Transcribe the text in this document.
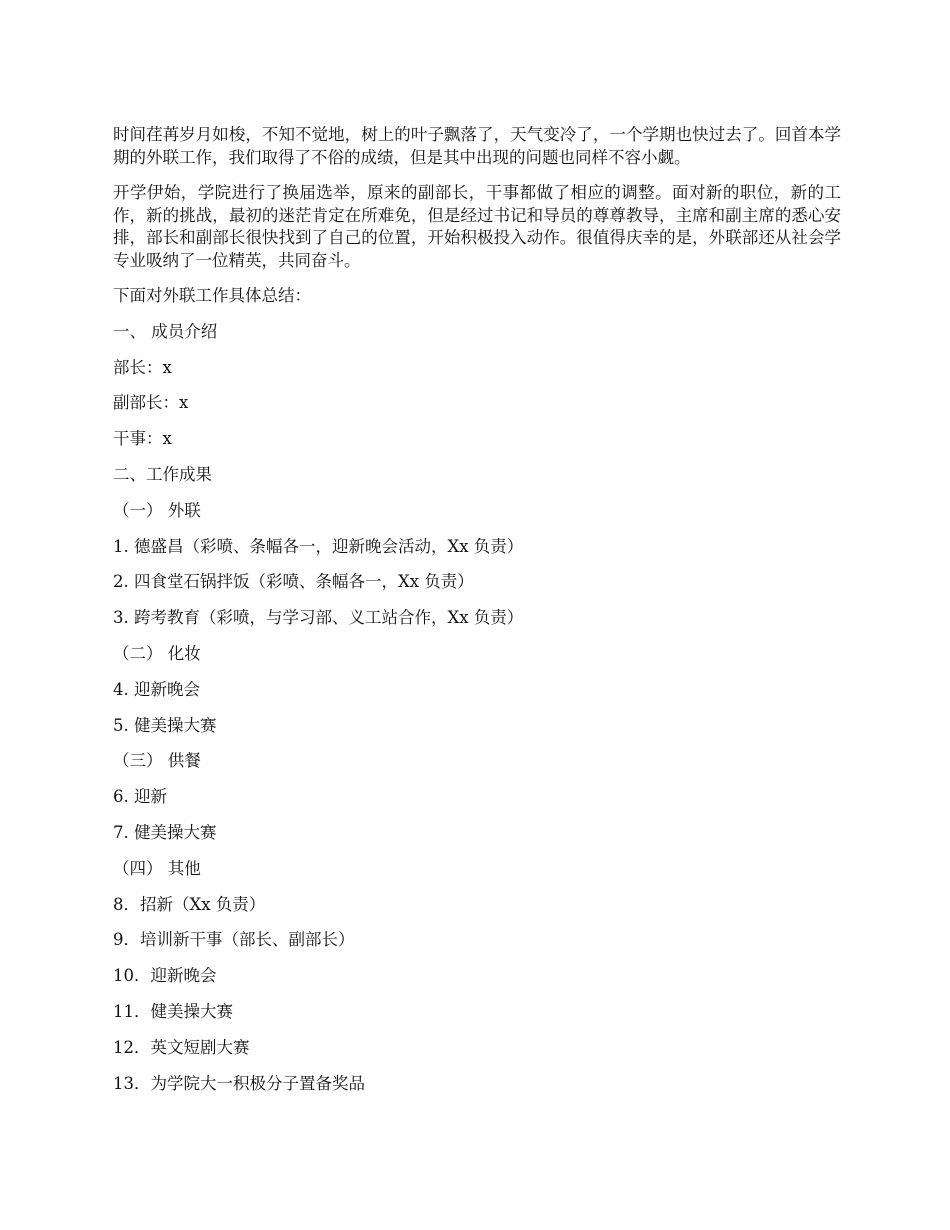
时间荏苒岁月如梭，不知不觉地，树上的叶子飘落了，天气变冷了，一个学期也快过去了。回首本学期的外联工作，我们取得了不俗的成绩，但是其中出现的问题也同样不容小觑。

开学伊始，学院进行了换届选举，原来的副部长，干事都做了相应的调整。面对新的职位，新的工作，新的挑战，最初的迷茫肯定在所难免，但是经过书记和导员的尊尊教导，主席和副主席的悉心安排，部长和副部长很快找到了自己的位置，开始积极投入动作。很值得庆幸的是，外联部还从社会学专业吸纳了一位精英，共同奋斗。

下面对外联工作具体总结：
一、 成员介绍
部长：x
副部长：x
干事：x
二、工作成果
（一） 外联
1. 德盛昌（彩喷、条幅各一，迎新晚会活动，Xx 负责）
2. 四食堂石锅拌饭（彩喷、条幅各一，Xx 负责）
3. 跨考教育（彩喷，与学习部、义工站合作，Xx 负责）
（二） 化妆
4. 迎新晚会
5. 健美操大赛
（三） 供餐
6. 迎新
7. 健美操大赛
（四） 其他
8．招新（Xx 负责）
9．培训新干事（部长、副部长）
10．迎新晚会
11．健美操大赛
12．英文短剧大赛
13．为学院大一积极分子置备奖品
